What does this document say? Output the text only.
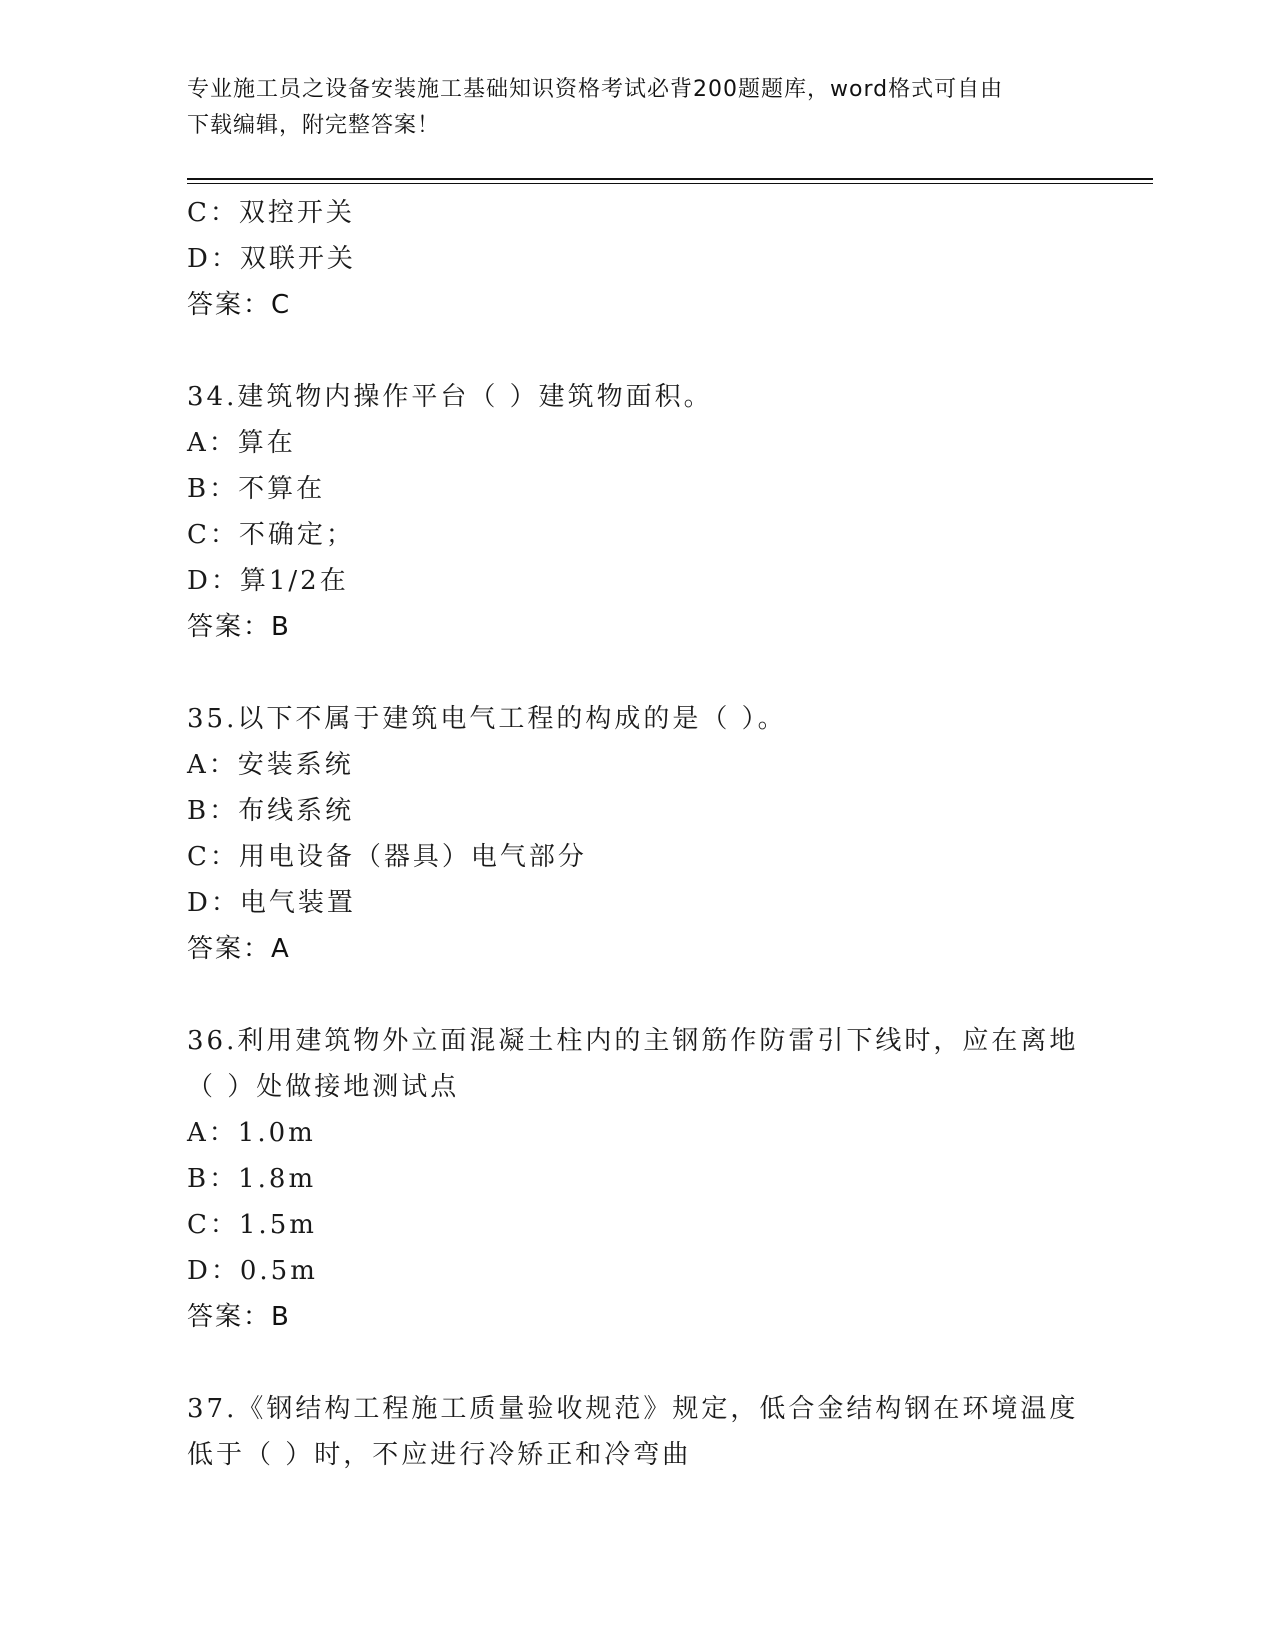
专业施工员之设备安装施工基础知识资格考试必背200题题库，word格式可自由
下载编辑，附完整答案！
C：双控开关
D：双联开关
答案：C
34.建筑物内操作平台（ ）建筑物面积。
A：算在
B：不算在
C：不确定；
D：算1/2在
答案：B
35.以下不属于建筑电气工程的构成的是（ ）。
A：安装系统
B：布线系统
C：用电设备（器具）电气部分
D：电气装置
答案：A
36.利用建筑物外立面混凝土柱内的主钢筋作防雷引下线时，应在离地
（ ）处做接地测试点
A：1.0m
B：1.8m
C：1.5m
D：0.5m
答案：B
37.《钢结构工程施工质量验收规范》规定，低合金结构钢在环境温度
低于（ ）时，不应进行冷矫正和冷弯曲
